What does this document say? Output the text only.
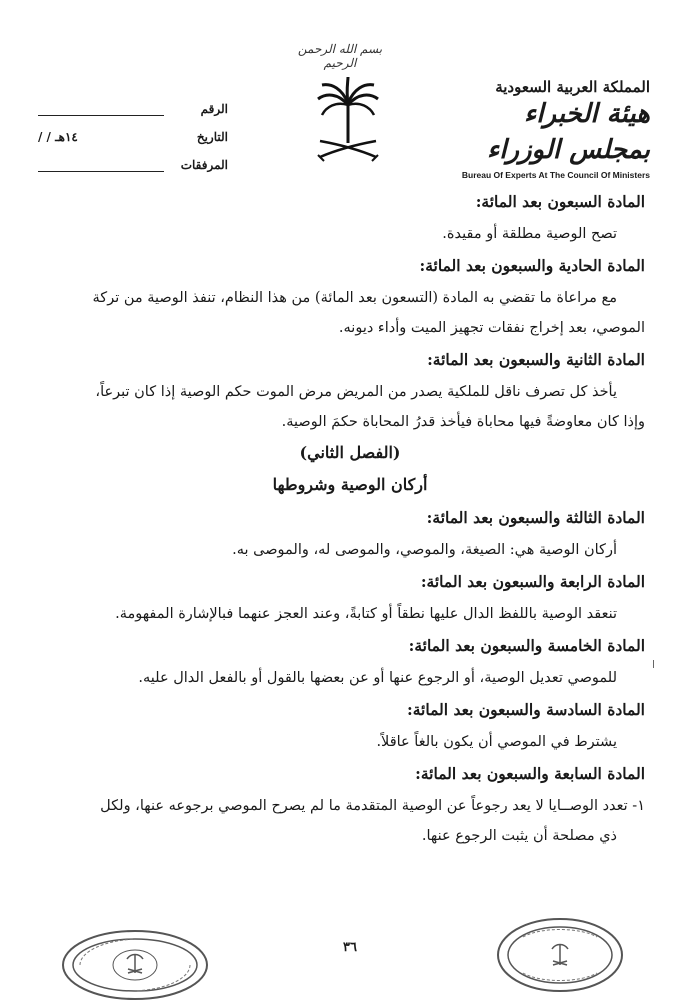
بسم الله الرحمن الرحيم
المملكة العربية السعودية
هيئة الخبراء بمجلس الوزراء
Bureau Of Experts At The Council Of Ministers
الرقم
التاريخ
/ / ١٤هـ
المرفقات
المادة السبعون بعد المائة:
تصح الوصية مطلقة أو مقيدة.
المادة الحادية والسبعون بعد المائة:
مع مراعاة ما تقضي به المادة (التسعون بعد المائة) من هذا النظام، تنفذ الوصية من تركة
الموصي، بعد إخراج نفقات تجهيز الميت وأداء ديونه.
المادة الثانية والسبعون بعد المائة:
يأخذ كل تصرف ناقل للملكية يصدر من المريض مرض الموت حكم الوصية إذا كان تبرعاً،
وإذا كان معاوضةً فيها محاباة فيأخذ قدرُ المحاباة حكمَ الوصية.
(الفصل الثاني)
أركان الوصية وشروطها
المادة الثالثة والسبعون بعد المائة:
أركان الوصية هي: الصيغة، والموصي، والموصى له، والموصى به.
المادة الرابعة والسبعون بعد المائة:
تنعقد الوصية باللفظ الدال عليها نطقاً أو كتابةً، وعند العجز عنهما فبالإشارة المفهومة.
المادة الخامسة والسبعون بعد المائة:
للموصي تعديل الوصية، أو الرجوع عنها أو عن بعضها بالقول أو بالفعل الدال عليه.
المادة السادسة والسبعون بعد المائة:
يشترط في الموصي أن يكون بالغاً عاقلاً.
المادة السابعة والسبعون بعد المائة:
١- تعدد الوصــايا لا يعد رجوعاً عن الوصية المتقدمة ما لم يصرح الموصي برجوعه عنها، ولكل
ذي مصلحة أن يثبت الرجوع عنها.
٣٦
